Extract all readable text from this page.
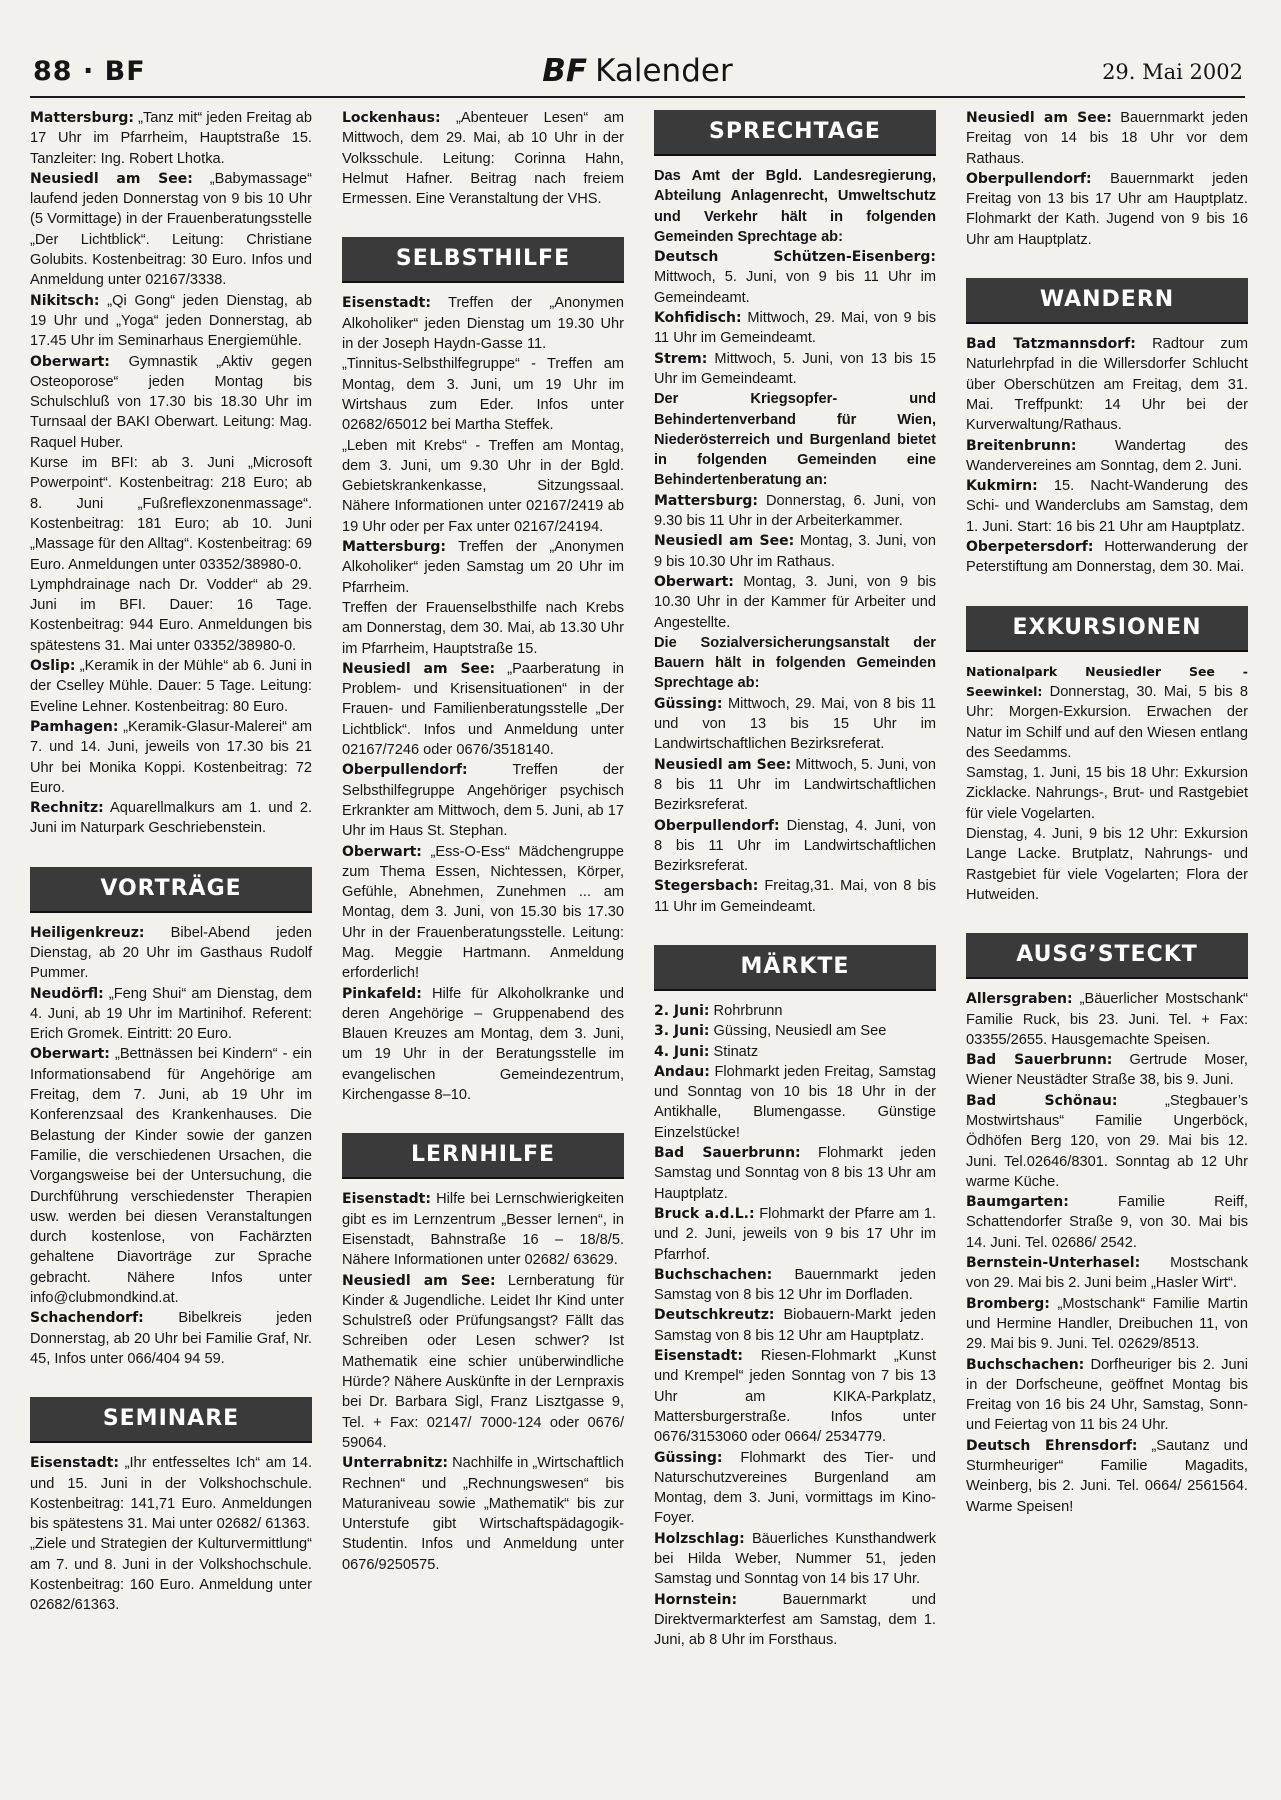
88 · BF	BF Kalender	29. Mai 2002

Mattersburg: „Tanz mit“ jeden Freitag ab 17 Uhr im Pfarrheim, Hauptstraße 15. Tanzleiter: Ing. Robert Lhotka.

Neusiedl am See: „Babymassage“ laufend jeden Donnerstag von 9 bis 10 Uhr (5 Vormittage) in der Frauenberatungsstelle „Der Lichtblick“. Leitung: Christiane Golubits. Kostenbeitrag: 30 Euro. Infos und Anmeldung unter 02167/3338.

Nikitsch: „Qi Gong“ jeden Dienstag, ab 19 Uhr und „Yoga“ jeden Donnerstag, ab 17.45 Uhr im Seminarhaus Energiemühle.

Oberwart: Gymnastik „Aktiv gegen Osteoporose“ jeden Montag bis Schulschluß von 17.30 bis 18.30 Uhr im Turnsaal der BAKI Oberwart. Leitung: Mag. Raquel Huber.

Kurse im BFI: ab 3. Juni „Microsoft Powerpoint“. Kostenbeitrag: 218 Euro; ab 8. Juni „Fußreflexzonenmassage“. Kostenbeitrag: 181 Euro; ab 10. Juni „Massage für den Alltag“. Kostenbeitrag: 69 Euro. Anmeldungen unter 03352/38980-0.

Lymphdrainage nach Dr. Vodder“ ab 29. Juni im BFI. Dauer: 16 Tage. Kostenbeitrag: 944 Euro. Anmeldungen bis spätestens 31. Mai unter 03352/38980-0.

Oslip: „Keramik in der Mühle“ ab 6. Juni in der Cselley Mühle. Dauer: 5 Tage. Leitung: Eveline Lehner. Kostenbeitrag: 80 Euro.

Pamhagen: „Keramik-Glasur-Malerei“ am 7. und 14. Juni, jeweils von 17.30 bis 21 Uhr bei Monika Koppi. Kostenbeitrag: 72 Euro.

Rechnitz: Aquarellmalkurs am 1. und 2. Juni im Naturpark Geschriebenstein.

VORTRÄGE

Heiligenkreuz: Bibel-Abend jeden Dienstag, ab 20 Uhr im Gasthaus Rudolf Pummer.

Neudörfl: „Feng Shui“ am Dienstag, dem 4. Juni, ab 19 Uhr im Martinihof. Referent: Erich Gromek. Eintritt: 20 Euro.

Oberwart: „Bettnässen bei Kindern“ - ein Informationsabend für Angehörige am Freitag, dem 7. Juni, ab 19 Uhr im Konferenzsaal des Krankenhauses. Die Belastung der Kinder sowie der ganzen Familie, die verschiedenen Ursachen, die Vorgangsweise bei der Untersuchung, die Durchführung verschiedenster Therapien usw. werden bei diesen Veranstaltungen durch kostenlose, von Fachärzten gehaltene Diavorträge zur Sprache gebracht. Nähere Infos unter info@clubmondkind.at.

Schachendorf: Bibelkreis jeden Donnerstag, ab 20 Uhr bei Familie Graf, Nr. 45, Infos unter 066/404 94 59.

SEMINARE

Eisenstadt: „Ihr entfesseltes Ich“ am 14. und 15. Juni in der Volkshochschule. Kostenbeitrag: 141,71 Euro. Anmeldungen bis spätestens 31. Mai unter 02682/ 61363.

„Ziele und Strategien der Kulturvermittlung“ am 7. und 8. Juni in der Volkshochschule. Kostenbeitrag: 160 Euro. Anmeldung unter 02682/61363.

Lockenhaus: „Abenteuer Lesen“ am Mittwoch, dem 29. Mai, ab 10 Uhr in der Volksschule. Leitung: Corinna Hahn, Helmut Hafner. Beitrag nach freiem Ermessen. Eine Veranstaltung der VHS.

SELBSTHILFE

Eisenstadt: Treffen der „Anonymen Alkoholiker“ jeden Dienstag um 19.30 Uhr in der Joseph Haydn-Gasse 11.

„Tinnitus-Selbsthilfegruppe“ - Treffen am Montag, dem 3. Juni, um 19 Uhr im Wirtshaus zum Eder. Infos unter 02682/65012 bei Martha Steffek.

„Leben mit Krebs“ - Treffen am Montag, dem 3. Juni, um 9.30 Uhr in der Bgld. Gebietskrankenkasse, Sitzungssaal. Nähere Informationen unter 02167/2419 ab 19 Uhr oder per Fax unter 02167/24194.

Mattersburg: Treffen der „Anonymen Alkoholiker“ jeden Samstag um 20 Uhr im Pfarrheim.

Treffen der Frauenselbsthilfe nach Krebs am Donnerstag, dem 30. Mai, ab 13.30 Uhr im Pfarrheim, Hauptstraße 15.

Neusiedl am See: „Paarberatung in Problem- und Krisensituationen“ in der Frauen- und Familienberatungsstelle „Der Lichtblick“. Infos und Anmeldung unter 02167/7246 oder 0676/3518140.

Oberpullendorf: Treffen der Selbsthilfegruppe Angehöriger psychisch Erkrankter am Mittwoch, dem 5. Juni, ab 17 Uhr im Haus St. Stephan.

Oberwart: „Ess-O-Ess“ Mädchengruppe zum Thema Essen, Nichtessen, Körper, Gefühle, Abnehmen, Zunehmen ... am Montag, dem 3. Juni, von 15.30 bis 17.30 Uhr in der Frauenberatungsstelle. Leitung: Mag. Meggie Hartmann. Anmeldung erforderlich!

Pinkafeld: Hilfe für Alkoholkranke und deren Angehörige – Gruppenabend des Blauen Kreuzes am Montag, dem 3. Juni, um 19 Uhr in der Beratungsstelle im evangelischen Gemeindezentrum, Kirchengasse 8–10.

LERNHILFE

Eisenstadt: Hilfe bei Lernschwierigkeiten gibt es im Lernzentrum „Besser lernen“, in Eisenstadt, Bahnstraße 16 – 18/8/5. Nähere Informationen unter 02682/ 63629.

Neusiedl am See: Lernberatung für Kinder & Jugendliche. Leidet Ihr Kind unter Schulstreß oder Prüfungsangst? Fällt das Schreiben oder Lesen schwer? Ist Mathematik eine schier unüberwindliche Hürde? Nähere Auskünfte in der Lernpraxis bei Dr. Barbara Sigl, Franz Lisztgasse 9, Tel. + Fax: 02147/ 7000-124 oder 0676/ 59064.

Unterrabnitz: Nachhilfe in „Wirtschaftlich Rechnen“ und „Rechnungswesen“ bis Maturaniveau sowie „Mathematik“ bis zur Unterstufe gibt Wirtschaftspädagogik-Studentin. Infos und Anmeldung unter 0676/9250575.

SPRECHTAGE

Das Amt der Bgld. Landesregierung, Abteilung Anlagenrecht, Umweltschutz und Verkehr hält in folgenden Gemeinden Sprechtage ab:

Deutsch Schützen-Eisenberg: Mittwoch, 5. Juni, von 9 bis 11 Uhr im Gemeindeamt.

Kohfidisch: Mittwoch, 29. Mai, von 9 bis 11 Uhr im Gemeindeamt.

Strem: Mittwoch, 5. Juni, von 13 bis 15 Uhr im Gemeindeamt.

Der Kriegsopfer- und Behindertenverband für Wien, Niederösterreich und Burgenland bietet in folgenden Gemeinden eine Behindertenberatung an:

Mattersburg: Donnerstag, 6. Juni, von 9.30 bis 11 Uhr in der Arbeiterkammer.

Neusiedl am See: Montag, 3. Juni, von 9 bis 10.30 Uhr im Rathaus.

Oberwart: Montag, 3. Juni, von 9 bis 10.30 Uhr in der Kammer für Arbeiter und Angestellte.

Die Sozialversicherungsanstalt der Bauern hält in folgenden Gemeinden Sprechtage ab:

Güssing: Mittwoch, 29. Mai, von 8 bis 11 und von 13 bis 15 Uhr im Landwirtschaftlichen Bezirksreferat.

Neusiedl am See: Mittwoch, 5. Juni, von 8 bis 11 Uhr im Landwirtschaftlichen Bezirksreferat.

Oberpullendorf: Dienstag, 4. Juni, von 8 bis 11 Uhr im Landwirtschaftlichen Bezirksreferat.

Stegersbach: Freitag,31. Mai, von 8 bis 11 Uhr im Gemeindeamt.

MÄRKTE

2. Juni: Rohrbrunn

3. Juni: Güssing, Neusiedl am See

4. Juni: Stinatz

Andau: Flohmarkt jeden Freitag, Samstag und Sonntag von 10 bis 18 Uhr in der Antikhalle, Blumengasse. Günstige Einzelstücke!

Bad Sauerbrunn: Flohmarkt jeden Samstag und Sonntag von 8 bis 13 Uhr am Hauptplatz.

Bruck a.d.L.: Flohmarkt der Pfarre am 1. und 2. Juni, jeweils von 9 bis 17 Uhr im Pfarrhof.

Buchschachen: Bauernmarkt jeden Samstag von 8 bis 12 Uhr im Dorfladen.

Deutschkreutz: Biobauern-Markt jeden Samstag von 8 bis 12 Uhr am Hauptplatz.

Eisenstadt: Riesen-Flohmarkt „Kunst und Krempel“ jeden Sonntag von 7 bis 13 Uhr am KIKA-Parkplatz, Mattersburgerstraße. Infos unter 0676/3153060 oder 0664/ 2534779.

Güssing: Flohmarkt des Tier- und Naturschutzvereines Burgenland am Montag, dem 3. Juni, vormittags im Kino-Foyer.

Holzschlag: Bäuerliches Kunsthandwerk bei Hilda Weber, Nummer 51, jeden Samstag und Sonntag von 14 bis 17 Uhr.

Hornstein: Bauernmarkt und Direktvermarkterfest am Samstag, dem 1. Juni, ab 8 Uhr im Forsthaus.

Neusiedl am See: Bauernmarkt jeden Freitag von 14 bis 18 Uhr vor dem Rathaus.

Oberpullendorf: Bauernmarkt jeden Freitag von 13 bis 17 Uhr am Hauptplatz. Flohmarkt der Kath. Jugend von 9 bis 16 Uhr am Hauptplatz.

WANDERN

Bad Tatzmannsdorf: Radtour zum Naturlehrpfad in die Willersdorfer Schlucht über Oberschützen am Freitag, dem 31. Mai. Treffpunkt: 14 Uhr bei der Kurverwaltung/Rathaus.

Breitenbrunn: Wandertag des Wandervereines am Sonntag, dem 2. Juni.

Kukmirn: 15. Nacht-Wanderung des Schi- und Wanderclubs am Samstag, dem 1. Juni. Start: 16 bis 21 Uhr am Hauptplatz.

Oberpetersdorf: Hotterwanderung der Peterstiftung am Donnerstag, dem 30. Mai.

EXKURSIONEN

Nationalpark Neusiedler See - Seewinkel: Donnerstag, 30. Mai, 5 bis 8 Uhr: Morgen-Exkursion. Erwachen der Natur im Schilf und auf den Wiesen entlang des Seedamms.

Samstag, 1. Juni, 15 bis 18 Uhr: Exkursion Zicklacke. Nahrungs-, Brut- und Rastgebiet für viele Vogelarten.

Dienstag, 4. Juni, 9 bis 12 Uhr: Exkursion Lange Lacke. Brutplatz, Nahrungs- und Rastgebiet für viele Vogelarten; Flora der Hutweiden.

AUSG’STECKT

Allersgraben: „Bäuerlicher Mostschank“ Familie Ruck, bis 23. Juni. Tel. + Fax: 03355/2655. Hausgemachte Speisen.

Bad Sauerbrunn: Gertrude Moser, Wiener Neustädter Straße 38, bis 9. Juni.

Bad Schönau: „Stegbauer’s Mostwirtshaus“ Familie Ungerböck, Ödhöfen Berg 120, von 29. Mai bis 12. Juni. Tel.02646/8301. Sonntag ab 12 Uhr warme Küche.

Baumgarten: Familie Reiff, Schattendorfer Straße 9, von 30. Mai bis 14. Juni. Tel. 02686/ 2542.

Bernstein-Unterhasel: Mostschank von 29. Mai bis 2. Juni beim „Hasler Wirt“.

Bromberg: „Mostschank“ Familie Martin und Hermine Handler, Dreibuchen 11, von 29. Mai bis 9. Juni. Tel. 02629/8513.

Buchschachen: Dorfheuriger bis 2. Juni in der Dorfscheune, geöffnet Montag bis Freitag von 16 bis 24 Uhr, Samstag, Sonn- und Feiertag von 11 bis 24 Uhr.

Deutsch Ehrensdorf: „Sautanz und Sturmheuriger“ Familie Magadits, Weinberg, bis 2. Juni. Tel. 0664/ 2561564. Warme Speisen!
